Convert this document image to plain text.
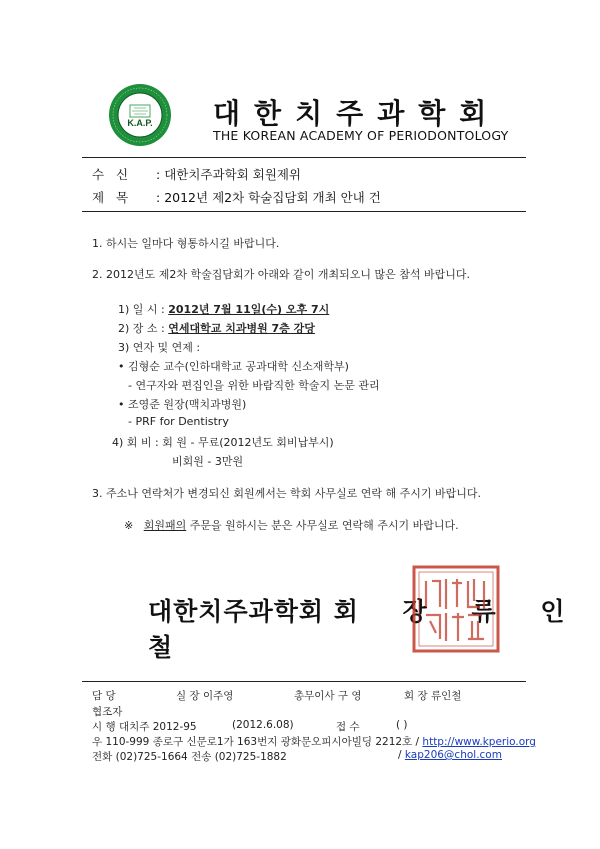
K.A.P. 대한치주과학회
THE KOREAN ACADEMY OF PERIODONTOLOGY
수 신 : 대한치주과학회 회원제위
제 목 : 2012년 제2차 학술집담회 개최 안내 건
1. 하시는 일마다 형통하시길 바랍니다.
2. 2012년도 제2차 학술집담회가 아래와 같이 개최되오니 많은 참석 바랍니다.
1) 일 시 : 2012년 7월 11일(수) 오후 7시
2) 장 소 : 연세대학교 치과병원 7층 강당
3) 연자 및 연제 :
• 김형순 교수(인하대학교 공과대학 신소재학부)
- 연구자와 편집인을 위한 바람직한 학술지 논문 관리
• 조영준 원장(맥치과병원)
- PRF for Dentistry
4) 회 비 : 회 원 - 무료(2012년도 회비납부시)
비회원 - 3만원
3. 주소나 연락처가 변경되신 회원께서는 학회 사무실로 연락 해 주시기 바랍니다.
※ 회원패의 주문을 원하시는 분은 사무실로 연락해 주시기 바랍니다.
대한치주과학회 회 장 류 인철
담 당	실 장 이주영	총무이사 구 영	회 장 류인철
협조자
시 행 대치주 2012-95	(2012.6.08)	접 수	( )
우 110-999 종로구 신문로1가 163번지 광화문오피시아빌딩 2212호 / http://www.kperio.org
전화 (02)725-1664 전송 (02)725-1882	/ kap206@chol.com
